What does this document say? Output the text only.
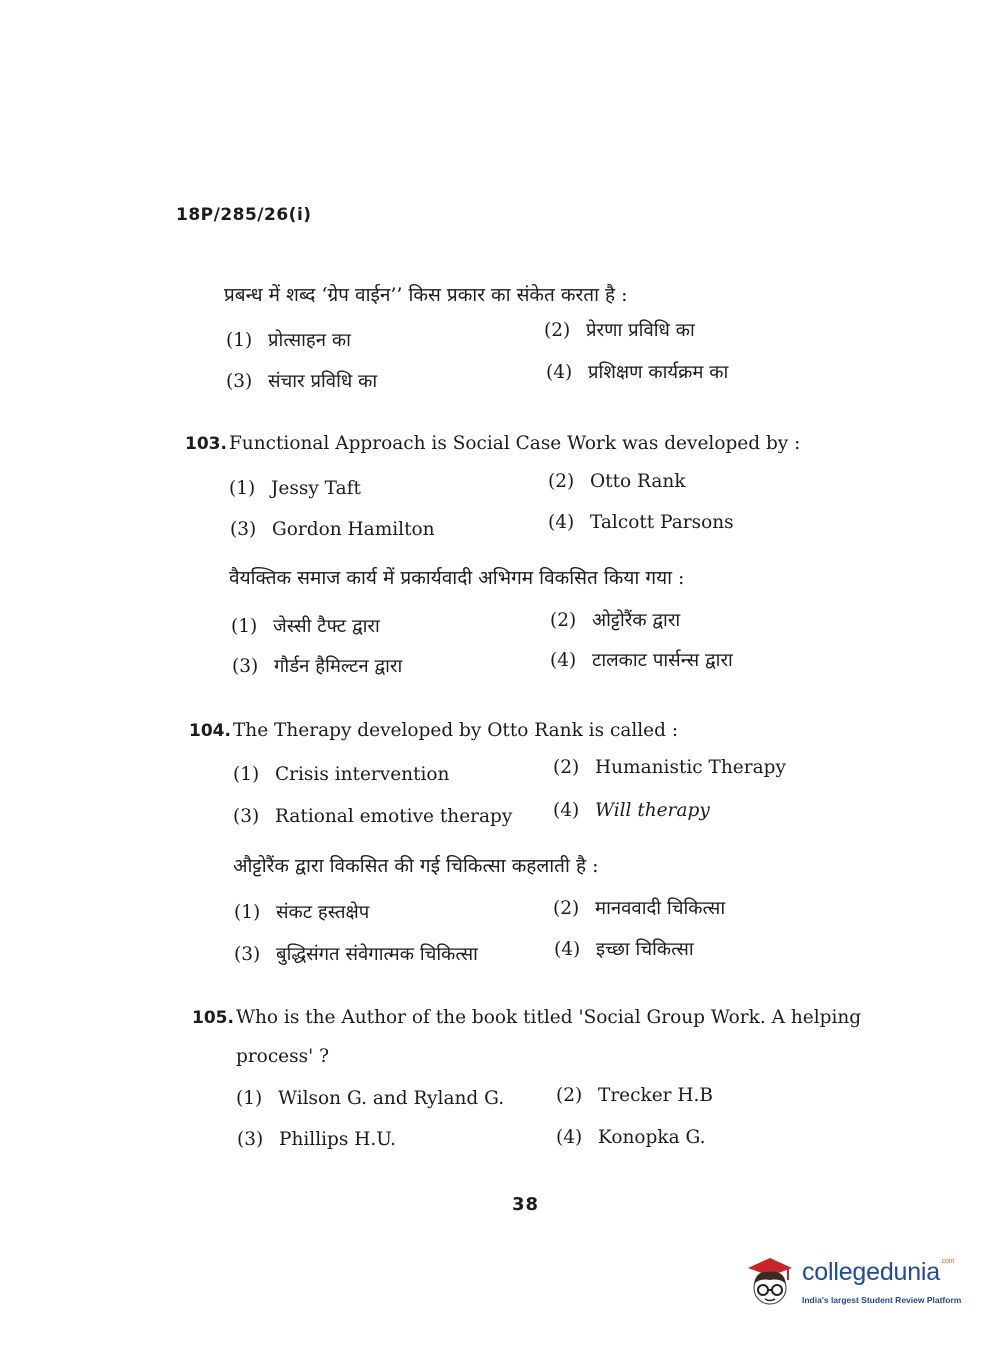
18P/285/26(i)
प्रबन्ध में शब्द ‘ग्रेप वाईन’’ किस प्रकार का संकेत करता है :
(1) प्रोत्साहन का	(2) प्रेरणा प्रविधि का
(3) संचार प्रविधि का	(4) प्रशिक्षण कार्यक्रम का
103. Functional Approach is Social Case Work was developed by :
(1) Jessy Taft	(2) Otto Rank
(3) Gordon Hamilton	(4) Talcott Parsons
वैयक्तिक समाज कार्य में प्रकार्यवादी अभिगम विकसित किया गया :
(1) जेस्सी टैफ्ट द्वारा	(2) ओट्टोरैंक द्वारा
(3) गौर्डन हैमिल्टन द्वारा	(4) टालकाट पार्सन्स द्वारा
104. The Therapy developed by Otto Rank is called :
(1) Crisis intervention	(2) Humanistic Therapy
(3) Rational emotive therapy (4) Will therapy
औट्टोरैंक द्वारा विकसित की गई चिकित्सा कहलाती है :
(1) संकट हस्तक्षेप	(2) मानववादी चिकित्सा
(3) बुद्धिसंगत संवेगात्मक चिकित्सा	(4) इच्छा चिकित्सा
105. Who is the Author of the book titled 'Social Group Work. A helping
process' ?
(1) Wilson G. and Ryland G.	(2) Trecker H.B
(3) Phillips H.U.	(4) Konopka G.
38
collegedunia$^{.com}$
India's largest Student Review Platform
